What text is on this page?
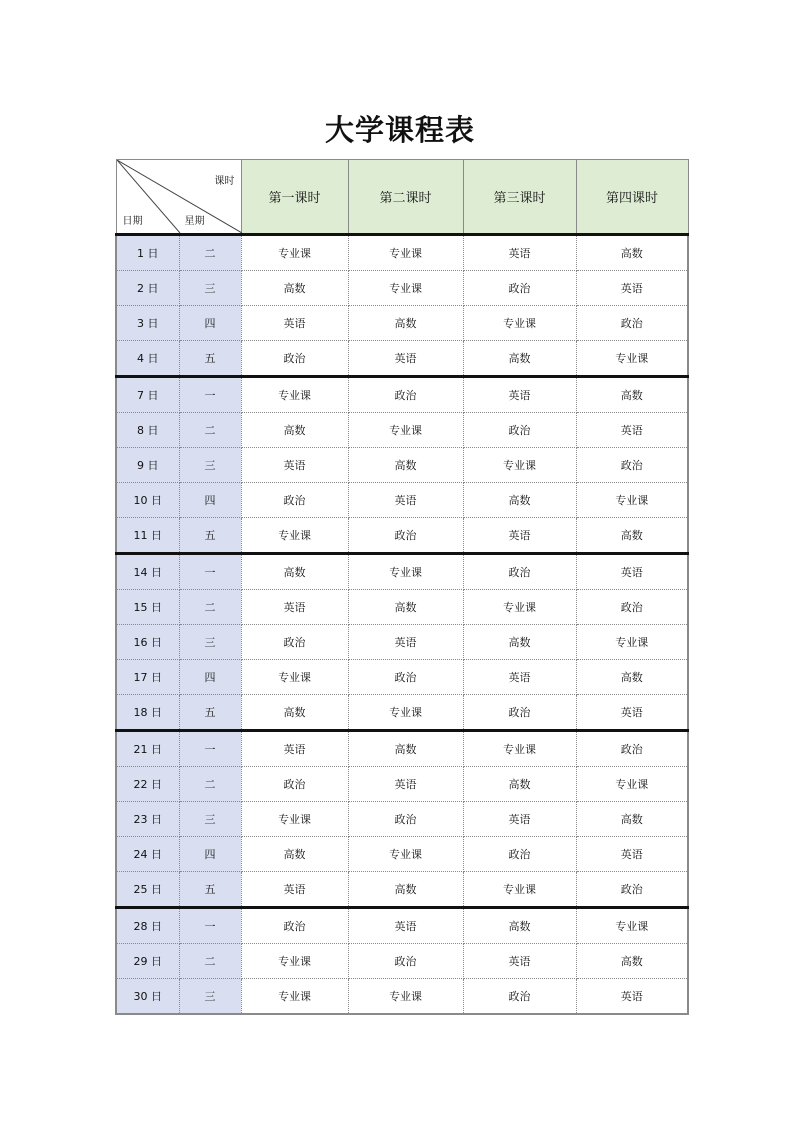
大学课程表
课时
日期 星期		第一课时	第二课时	第三课时	第四课时
1 日	二	专业课	专业课	英语	高数
2 日	三	高数	专业课	政治	英语
3 日	四	英语	高数	专业课	政治
4 日	五	政治	英语	高数	专业课
7 日	一	专业课	政治	英语	高数
8 日	二	高数	专业课	政治	英语
9 日	三	英语	高数	专业课	政治
10 日	四	政治	英语	高数	专业课
11 日	五	专业课	政治	英语	高数
14 日	一	高数	专业课	政治	英语
15 日	二	英语	高数	专业课	政治
16 日	三	政治	英语	高数	专业课
17 日	四	专业课	政治	英语	高数
18 日	五	高数	专业课	政治	英语
21 日	一	英语	高数	专业课	政治
22 日	二	政治	英语	高数	专业课
23 日	三	专业课	政治	英语	高数
24 日	四	高数	专业课	政治	英语
25 日	五	英语	高数	专业课	政治
28 日	一	政治	英语	高数	专业课
29 日	二	专业课	政治	英语	高数
30 日	三	专业课	专业课	政治	英语
